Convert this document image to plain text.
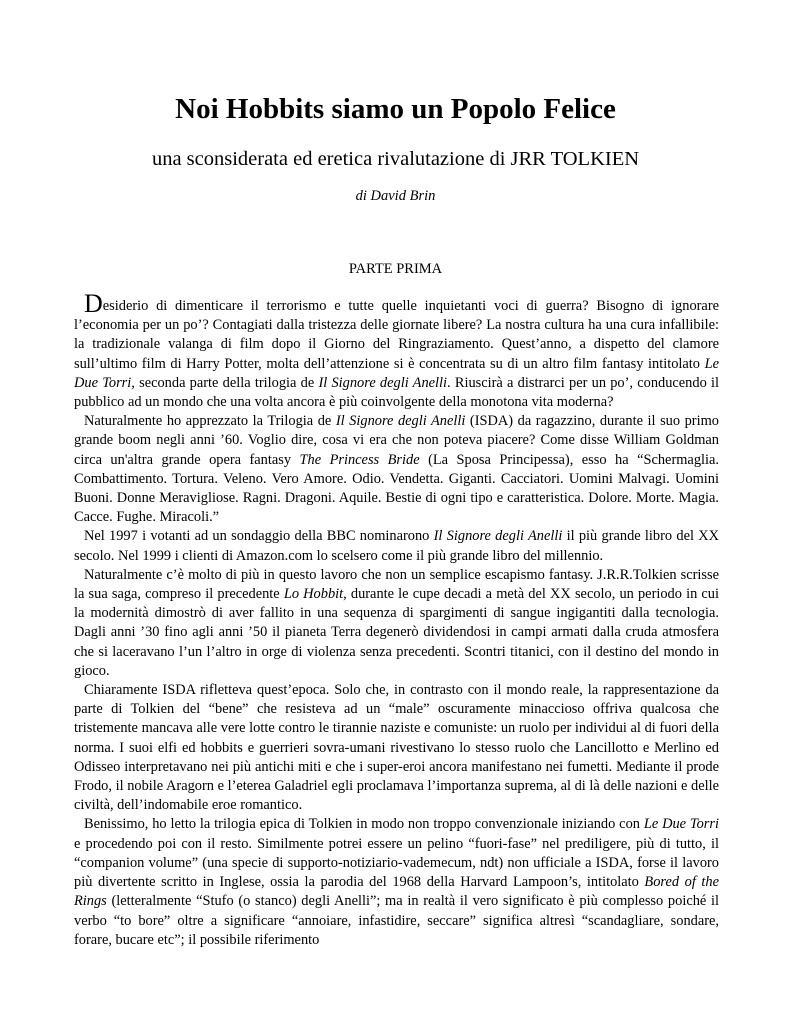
Noi Hobbits siamo un Popolo Felice
una sconsiderata ed eretica rivalutazione di JRR TOLKIEN
di David Brin
PARTE PRIMA

Desiderio di dimenticare il terrorismo e tutte quelle inquietanti voci di guerra? Bisogno di ignorare l’economia per un po’? Contagiati dalla tristezza delle giornate libere? La nostra cultura ha una cura infallibile: la tradizionale valanga di film dopo il Giorno del Ringraziamento. Quest’anno, a dispetto del clamore sull’ultimo film di Harry Potter, molta dell’attenzione si è concentrata su di un altro film fantasy intitolato Le Due Torri, seconda parte della trilogia de Il Signore degli Anelli. Riuscirà a distrarci per un po’, conducendo il pubblico ad un mondo che una volta ancora è più coinvolgente della monotona vita moderna?

Naturalmente ho apprezzato la Trilogia de Il Signore degli Anelli (ISDA) da ragazzino, durante il suo primo grande boom negli anni ’60. Voglio dire, cosa vi era che non poteva piacere? Come disse William Goldman circa un'altra grande opera fantasy The Princess Bride (La Sposa Principessa), esso ha “Schermaglia. Combattimento. Tortura. Veleno. Vero Amore. Odio. Vendetta. Giganti. Cacciatori. Uomini Malvagi. Uomini Buoni. Donne Meravigliose. Ragni. Dragoni. Aquile. Bestie di ogni tipo e caratteristica. Dolore. Morte. Magia. Cacce. Fughe. Miracoli.”

Nel 1997 i votanti ad un sondaggio della BBC nominarono Il Signore degli Anelli il più grande libro del XX secolo. Nel 1999 i clienti di Amazon.com lo scelsero come il più grande libro del millennio.

Naturalmente c’è molto di più in questo lavoro che non un semplice escapismo fantasy. J.R.R.Tolkien scrisse la sua saga, compreso il precedente Lo Hobbit, durante le cupe decadi a metà del XX secolo, un periodo in cui la modernità dimostrò di aver fallito in una sequenza di spargimenti di sangue ingigantiti dalla tecnologia. Dagli anni ’30 fino agli anni ’50 il pianeta Terra degenerò dividendosi in campi armati dalla cruda atmosfera che si laceravano l’un l’altro in orge di violenza senza precedenti. Scontri titanici, con il destino del mondo in gioco.

Chiaramente ISDA rifletteva quest’epoca. Solo che, in contrasto con il mondo reale, la rappresentazione da parte di Tolkien del “bene” che resisteva ad un “male” oscuramente minaccioso offriva qualcosa che tristemente mancava alle vere lotte contro le tirannie naziste e comuniste: un ruolo per individui al di fuori della norma. I suoi elfi ed hobbits e guerrieri sovra-umani rivestivano lo stesso ruolo che Lancillotto e Merlino ed Odisseo interpretavano nei più antichi miti e che i super-eroi ancora manifestano nei fumetti. Mediante il prode Frodo, il nobile Aragorn e l’eterea Galadriel egli proclamava l’importanza suprema, al di là delle nazioni e delle civiltà, dell’indomabile eroe romantico.

Benissimo, ho letto la trilogia epica di Tolkien in modo non troppo convenzionale iniziando con Le Due Torri e procedendo poi con il resto. Similmente potrei essere un pelino “fuori-fase” nel prediligere, più di tutto, il “companion volume” (una specie di supporto-notiziario-vademecum, ndt) non ufficiale a ISDA, forse il lavoro più divertente scritto in Inglese, ossia la parodia del 1968 della Harvard Lampoon’s, intitolato Bored of the Rings (letteralmente “Stufo (o stanco) degli Anelli”; ma in realtà il vero significato è più complesso poiché il verbo “to bore” oltre a significare “annoiare, infastidire, seccare” significa altresì “scandagliare, sondare, forare, bucare etc”; il possibile riferimento
